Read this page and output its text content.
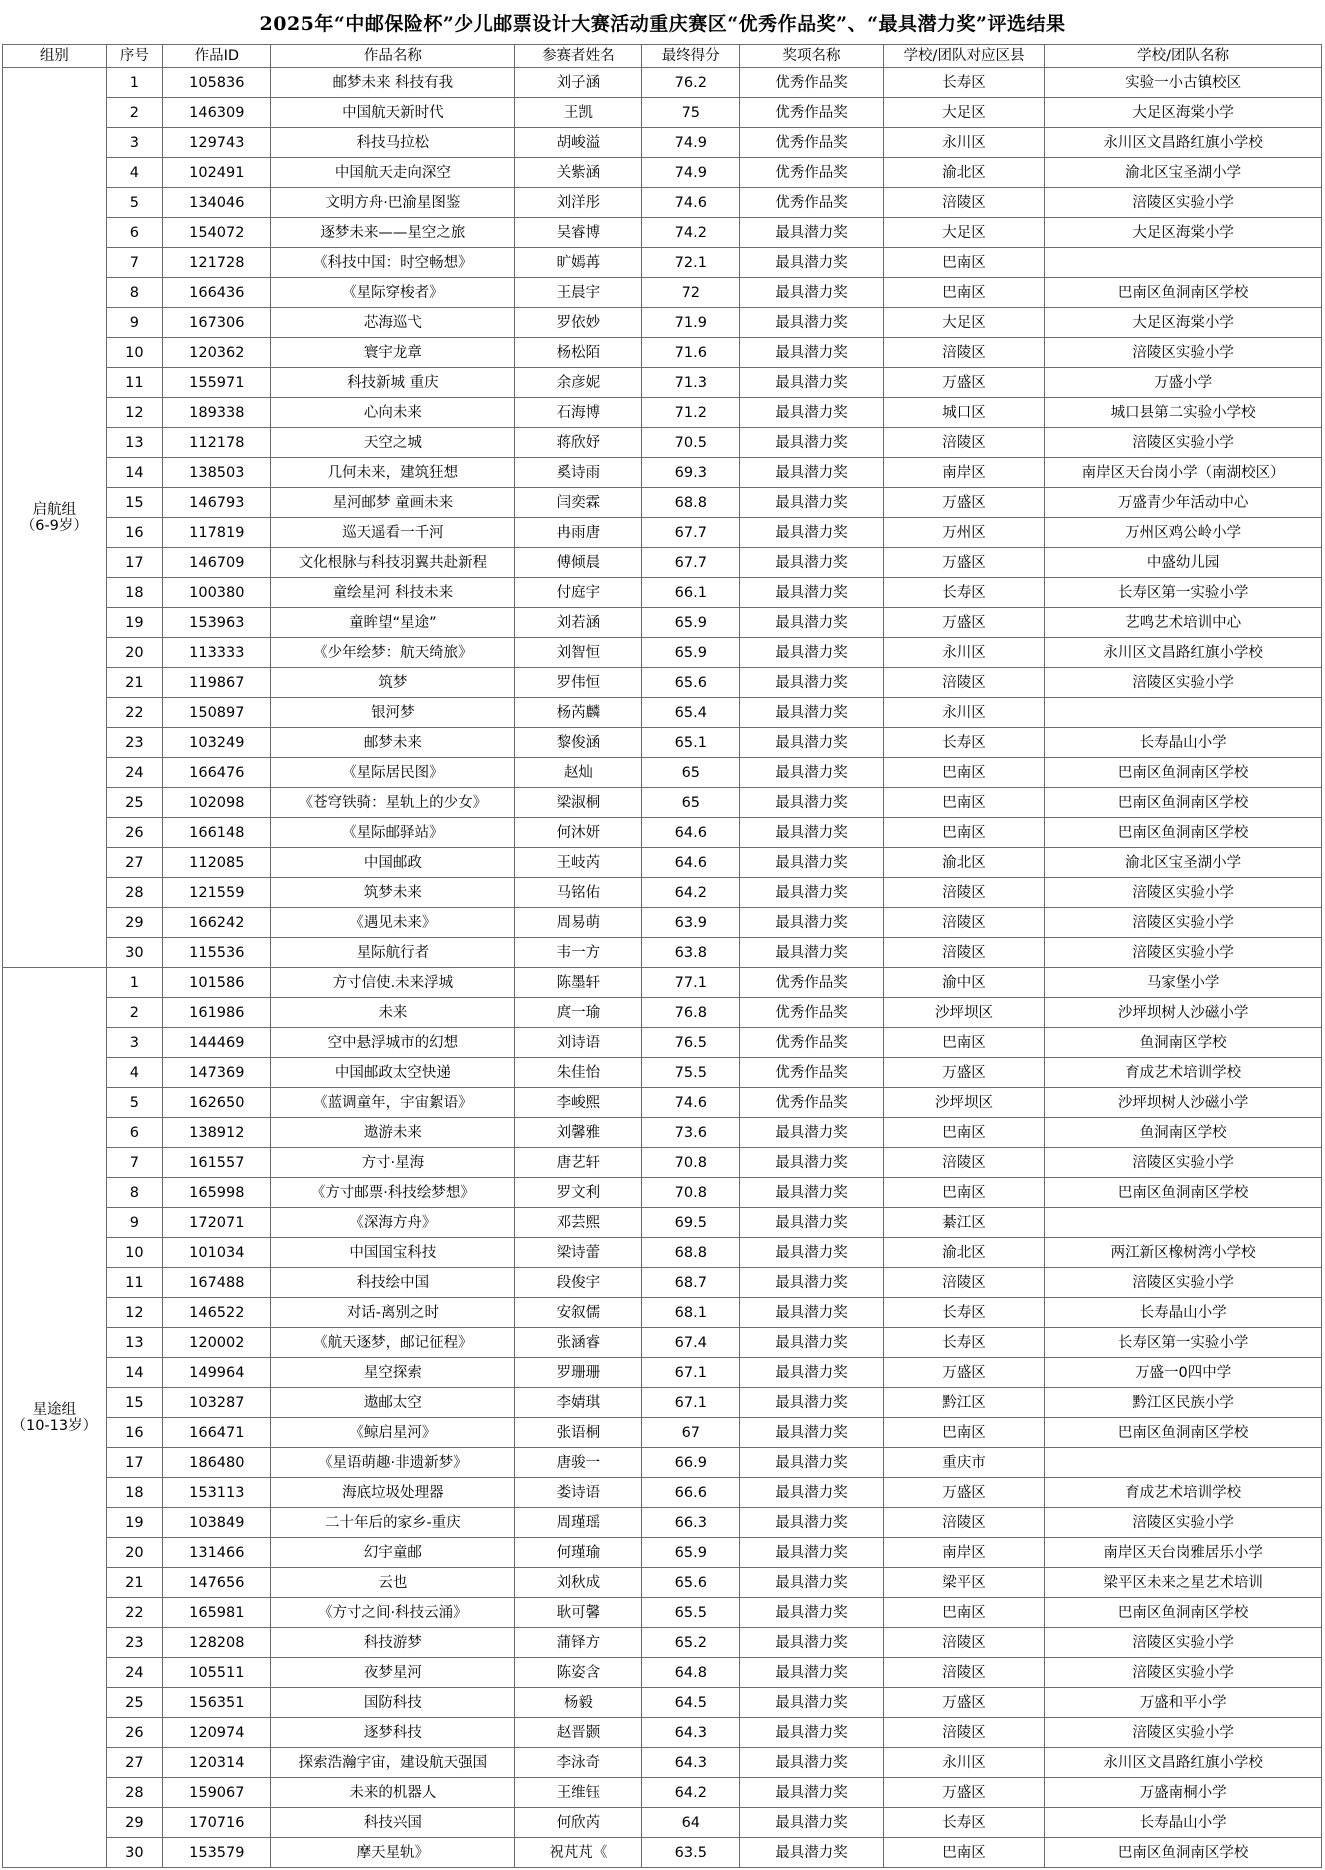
2025年“中邮保险杯”少儿邮票设计大赛活动重庆赛区“优秀作品奖”、“最具潜力奖”评选结果
组别	序号	作品ID	作品名称	参赛者姓名	最终得分	奖项名称	学校/团队对应区县	学校/团队名称

启航组
（6-9岁）	1	105836	邮梦未来 科技有我	刘子涵	76.2	优秀作品奖	长寿区	实验一小古镇校区
	2	146309	中国航天新时代	王凯	75	优秀作品奖	大足区	大足区海棠小学
	3	129743	科技马拉松	胡峻溢	74.9	优秀作品奖	永川区	永川区文昌路红旗小学校
	4	102491	中国航天走向深空	关紫涵	74.9	优秀作品奖	渝北区	渝北区宝圣湖小学
	5	134046	文明方舟·巴渝星图鉴	刘洋彤	74.6	优秀作品奖	涪陵区	涪陵区实验小学
	6	154072	逐梦未来——星空之旅	吴睿博	74.2	最具潜力奖	大足区	大足区海棠小学
	7	121728	《科技中国：时空畅想》	旷嫣苒	72.1	最具潜力奖	巴南区	
	8	166436	《星际穿梭者》	王晨宇	72	最具潜力奖	巴南区	巴南区鱼洞南区学校
	9	167306	芯海巡弋	罗依妙	71.9	最具潜力奖	大足区	大足区海棠小学
	10	120362	寰宇龙章	杨松陌	71.6	最具潜力奖	涪陵区	涪陵区实验小学
	11	155971	科技新城 重庆	余彦妮	71.3	最具潜力奖	万盛区	万盛小学
	12	189338	心向未来	石海博	71.2	最具潜力奖	城口区	城口县第二实验小学校
	13	112178	天空之城	蒋欣妤	70.5	最具潜力奖	涪陵区	涪陵区实验小学
	14	138503	几何未来，建筑狂想	奚诗雨	69.3	最具潜力奖	南岸区	南岸区天台岗小学（南湖校区）
	15	146793	星河邮梦 童画未来	闫奕霖	68.8	最具潜力奖	万盛区	万盛青少年活动中心
	16	117819	巡天遥看一千河	冉雨唐	67.7	最具潜力奖	万州区	万州区鸡公岭小学
	17	146709	文化根脉与科技羽翼共赴新程	傅倾晨	67.7	最具潜力奖	万盛区	中盛幼儿园
	18	100380	童绘星河 科技未来	付庭宇	66.1	最具潜力奖	长寿区	长寿区第一实验小学
	19	153963	童眸望“星途”	刘若涵	65.9	最具潜力奖	万盛区	艺鸣艺术培训中心
	20	113333	《少年绘梦：航天绮旅》	刘智恒	65.9	最具潜力奖	永川区	永川区文昌路红旗小学校
	21	119867	筑梦	罗伟恒	65.6	最具潜力奖	涪陵区	涪陵区实验小学
	22	150897	银河梦	杨芮麟	65.4	最具潜力奖	永川区	
	23	103249	邮梦未来	黎俊涵	65.1	最具潜力奖	长寿区	长寿晶山小学
	24	166476	《星际居民图》	赵灿	65	最具潜力奖	巴南区	巴南区鱼洞南区学校
	25	102098	《苍穹铁骑：星轨上的少女》	梁淑桐	65	最具潜力奖	巴南区	巴南区鱼洞南区学校
	26	166148	《星际邮驿站》	何沐妍	64.6	最具潜力奖	巴南区	巴南区鱼洞南区学校
	27	112085	中国邮政	王岐芮	64.6	最具潜力奖	渝北区	渝北区宝圣湖小学
	28	121559	筑梦未来	马铭佑	64.2	最具潜力奖	涪陵区	涪陵区实验小学
	29	166242	《遇见未来》	周易萌	63.9	最具潜力奖	涪陵区	涪陵区实验小学
	30	115536	星际航行者	韦一方	63.8	最具潜力奖	涪陵区	涪陵区实验小学

星途组
（10-13岁）	1	101586	方寸信使.未来浮城	陈墨轩	77.1	优秀作品奖	渝中区	马家堡小学
	2	161986	未来	庹一瑜	76.8	优秀作品奖	沙坪坝区	沙坪坝树人沙磁小学
	3	144469	空中悬浮城市的幻想	刘诗语	76.5	优秀作品奖	巴南区	鱼洞南区学校
	4	147369	中国邮政太空快递	朱佳怡	75.5	优秀作品奖	万盛区	育成艺术培训学校
	5	162650	《蓝调童年，宇宙絮语》	李峻熙	74.6	优秀作品奖	沙坪坝区	沙坪坝树人沙磁小学
	6	138912	遨游未来	刘馨雅	73.6	最具潜力奖	巴南区	鱼洞南区学校
	7	161557	方寸·星海	唐艺轩	70.8	最具潜力奖	涪陵区	涪陵区实验小学
	8	165998	《方寸邮票·科技绘梦想》	罗文利	70.8	最具潜力奖	巴南区	巴南区鱼洞南区学校
	9	172071	《深海方舟》	邓芸熙	69.5	最具潜力奖	綦江区	
	10	101034	中国国宝科技	梁诗蕾	68.8	最具潜力奖	渝北区	两江新区橡树湾小学校
	11	167488	科技绘中国	段俊宇	68.7	最具潜力奖	涪陵区	涪陵区实验小学
	12	146522	对话-离别之时	安叙儒	68.1	最具潜力奖	长寿区	长寿晶山小学
	13	120002	《航天逐梦，邮记征程》	张涵睿	67.4	最具潜力奖	长寿区	长寿区第一实验小学
	14	149964	星空探索	罗珊珊	67.1	最具潜力奖	万盛区	万盛一0四中学
	15	103287	遨邮太空	李婧琪	67.1	最具潜力奖	黔江区	黔江区民族小学
	16	166471	《鲸启星河》	张语桐	67	最具潜力奖	巴南区	巴南区鱼洞南区学校
	17	186480	《星语萌趣·非遗新梦》	唐骏一	66.9	最具潜力奖	重庆市	
	18	153113	海底垃圾处理器	娄诗语	66.6	最具潜力奖	万盛区	育成艺术培训学校
	19	103849	二十年后的家乡-重庆	周瑾瑶	66.3	最具潜力奖	涪陵区	涪陵区实验小学
	20	131466	幻宇童邮	何瑾瑜	65.9	最具潜力奖	南岸区	南岸区天台岗雅居乐小学
	21	147656	云也	刘秋成	65.6	最具潜力奖	梁平区	梁平区未来之星艺术培训
	22	165981	《方寸之间·科技云涌》	耿可馨	65.5	最具潜力奖	巴南区	巴南区鱼洞南区学校
	23	128208	科技游梦	蒲铎方	65.2	最具潜力奖	涪陵区	涪陵区实验小学
	24	105511	夜梦星河	陈姿含	64.8	最具潜力奖	涪陵区	涪陵区实验小学
	25	156351	国防科技	杨毅	64.5	最具潜力奖	万盛区	万盛和平小学
	26	120974	逐梦科技	赵晋颢	64.3	最具潜力奖	涪陵区	涪陵区实验小学
	27	120314	探索浩瀚宇宙，建设航天强国	李泳奇	64.3	最具潜力奖	永川区	永川区文昌路红旗小学校
	28	159067	未来的机器人	王维钰	64.2	最具潜力奖	万盛区	万盛南桐小学
	29	170716	科技兴国	何欣芮	64	最具潜力奖	长寿区	长寿晶山小学
	30	153579	摩天星轨》	祝芃芃《	63.5	最具潜力奖	巴南区	巴南区鱼洞南区学校
